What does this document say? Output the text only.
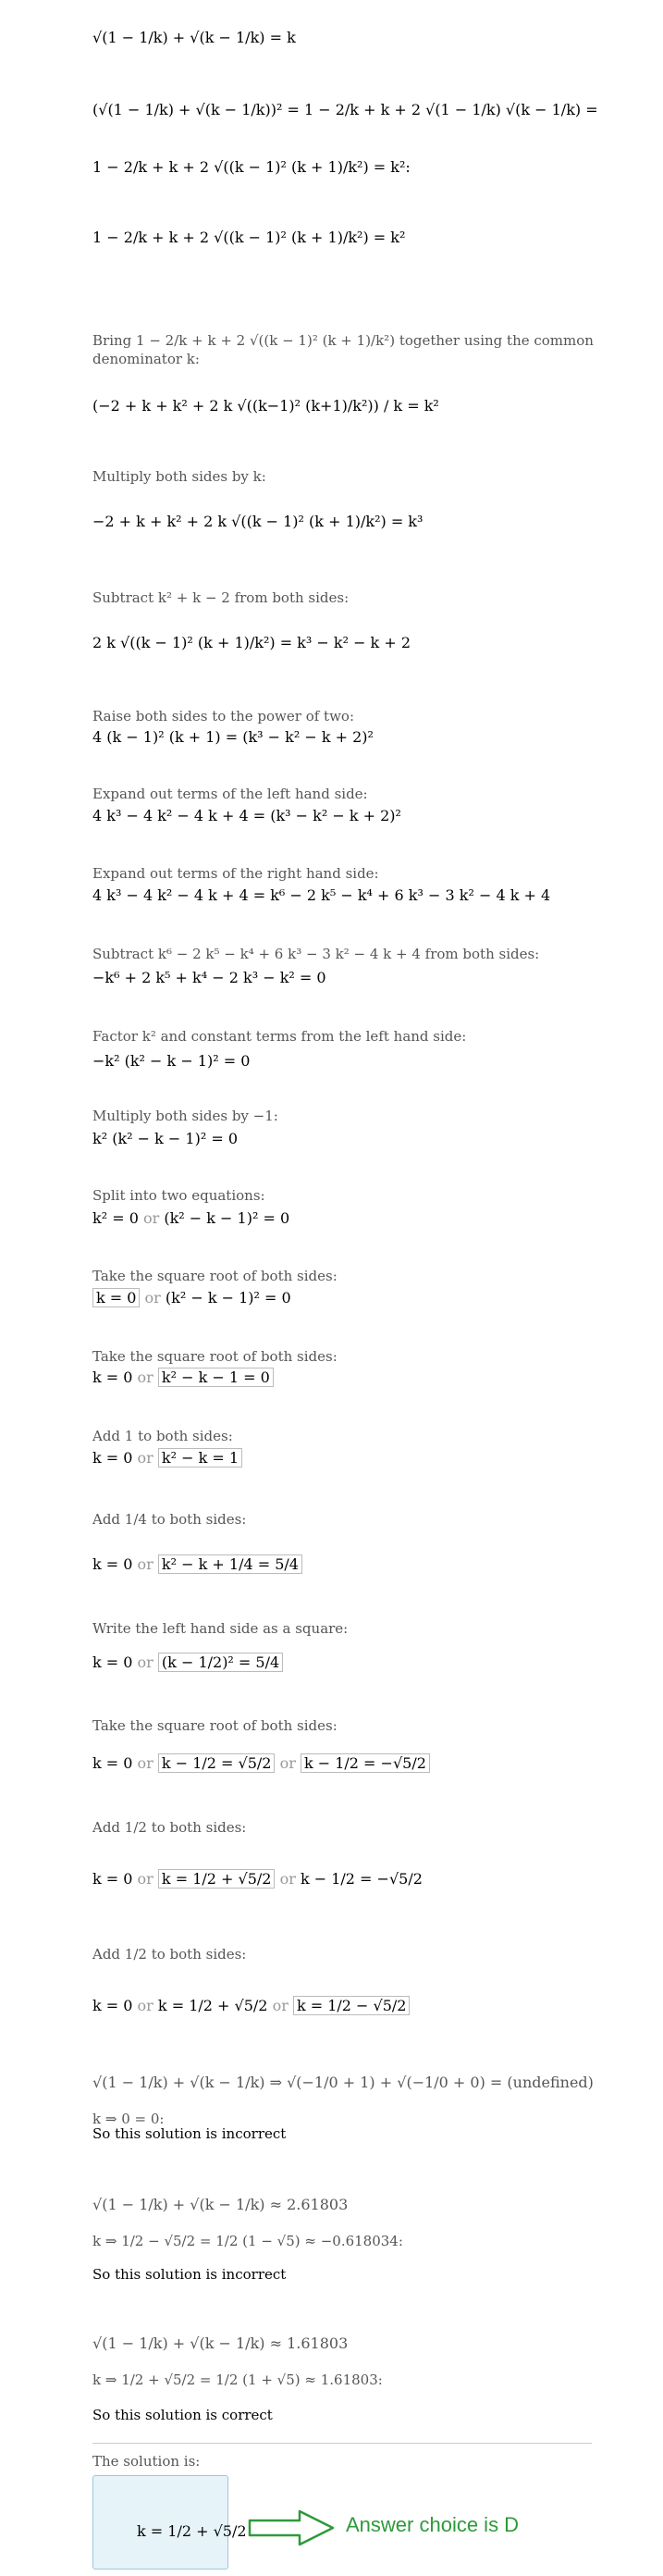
√(1 − 1/k) + √(k − 1/k) = k
(√(1 − 1/k) + √(k − 1/k))² = 1 − 2/k + k + 2 √(1 − 1/k) √(k − 1/k) =
1 − 2/k + k + 2 √((k − 1)² (k + 1)/k²) = k²:
1 − 2/k + k + 2 √((k − 1)² (k + 1)/k²) = k²
Bring 1 − 2/k + k + 2 √((k − 1)² (k + 1)/k²) together using the common denominator k:
(−2 + k + k² + 2 k √((k−1)² (k+1)/k²)) / k = k²
Multiply both sides by k:
−2 + k + k² + 2 k √((k − 1)² (k + 1)/k²) = k³
Subtract k² + k − 2 from both sides:
2 k √((k − 1)² (k + 1)/k²) = k³ − k² − k + 2
Raise both sides to the power of two:
4 (k − 1)² (k + 1) = (k³ − k² − k + 2)²
Expand out terms of the left hand side:
4 k³ − 4 k² − 4 k + 4 = (k³ − k² − k + 2)²
Expand out terms of the right hand side:
4 k³ − 4 k² − 4 k + 4 = k⁶ − 2 k⁵ − k⁴ + 6 k³ − 3 k² − 4 k + 4
Subtract k⁶ − 2 k⁵ − k⁴ + 6 k³ − 3 k² − 4 k + 4 from both sides:
−k⁶ + 2 k⁵ + k⁴ − 2 k³ − k² = 0
Factor k² and constant terms from the left hand side:
−k² (k² − k − 1)² = 0
Multiply both sides by −1:
k² (k² − k − 1)² = 0
Split into two equations:
k² = 0 or (k² − k − 1)² = 0
Take the square root of both sides:
k = 0 or (k² − k − 1)² = 0
Take the square root of both sides:
k = 0 or k² − k − 1 = 0
Add 1 to both sides:
k = 0 or k² − k = 1
Add 1/4 to both sides:
k = 0 or k² − k + 1/4 = 5/4
Write the left hand side as a square:
k = 0 or (k − 1/2)² = 5/4
Take the square root of both sides:
k = 0 or k − 1/2 = √5/2 or k − 1/2 = −√5/2
Add 1/2 to both sides:
k = 0 or k = 1/2 + √5/2 or k − 1/2 = −√5/2
Add 1/2 to both sides:
k = 0 or k = 1/2 + √5/2 or k = 1/2 − √5/2
√(1 − 1/k) + √(k − 1/k) ⇒ √(−1/0 + 1) + √(−1/0 + 0) = (undefined)
k ⇒ 0 = 0:
So this solution is incorrect
√(1 − 1/k) + √(k − 1/k) ≈ 2.61803
k ⇒ 1/2 − √5/2 = 1/2 (1 − √5) ≈ −0.618034:
So this solution is incorrect
√(1 − 1/k) + √(k − 1/k) ≈ 1.61803
k ⇒ 1/2 + √5/2 = 1/2 (1 + √5) ≈ 1.61803:
So this solution is correct
The solution is:
k = 1/2 + √5/2	Answer choice is D
